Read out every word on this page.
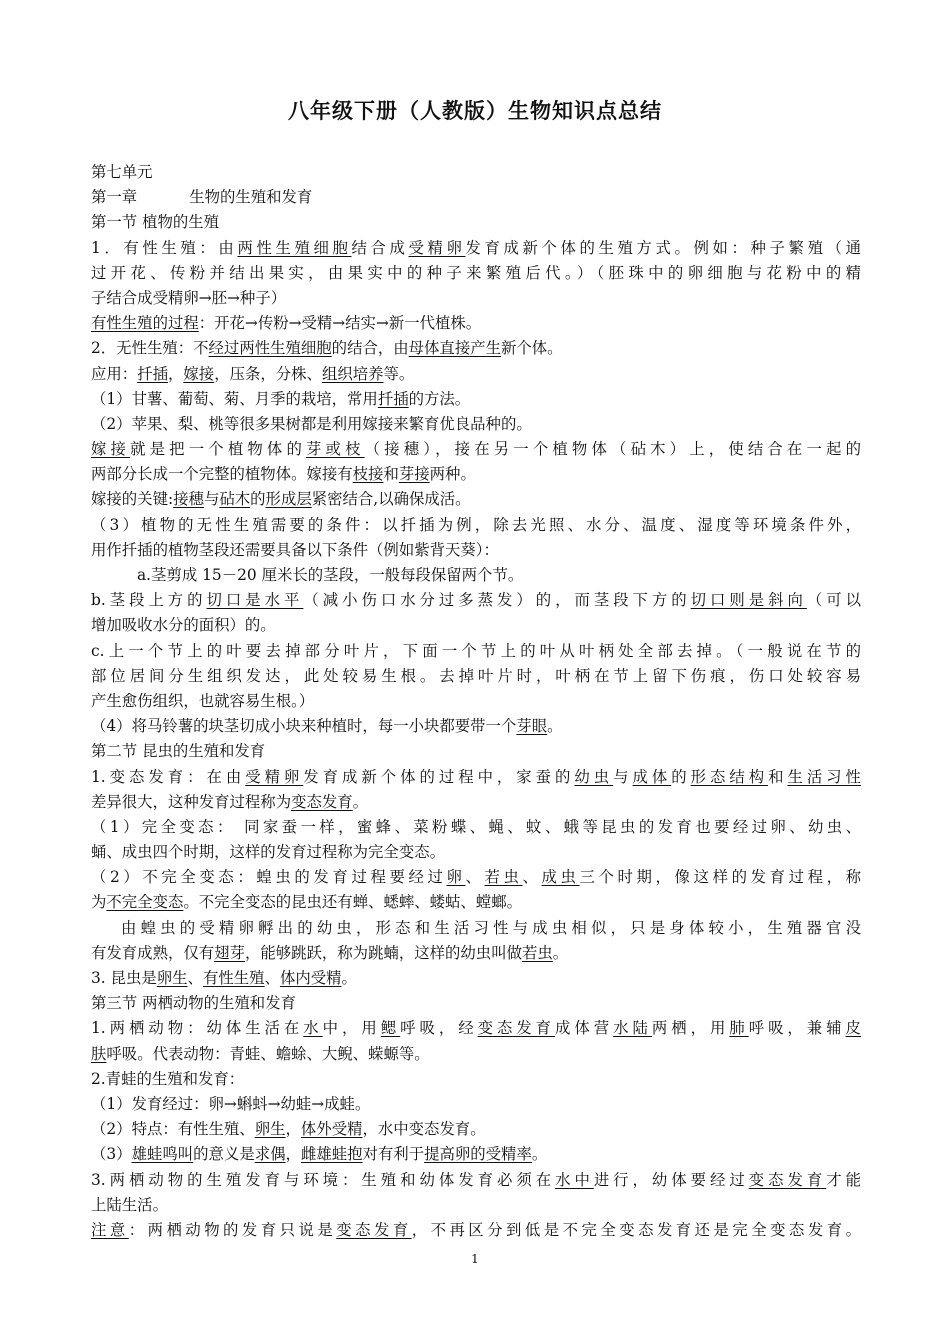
八年级下册（人教版）生物知识点总结
第七单元
第一章	生物的生殖和发育
第一节 植物的生殖
1．有性生殖：由两性生殖细胞结合成受精卵发育成新个体的生殖方式。例如：种子繁殖（通
过开花、传粉并结出果实，由果实中的种子来繁殖后代。）（胚珠中的卵细胞与花粉中的精
子结合成受精卵→胚→种子）
有性生殖的过程：开花→传粉→受精→结实→新一代植株。
2．无性生殖：不经过两性生殖细胞的结合，由母体直接产生新个体。
应用：扦插，嫁接，压条，分株、组织培养等。
（1）甘薯、葡萄、菊、月季的栽培，常用扦插的方法。
（2）苹果、梨、桃等很多果树都是利用嫁接来繁育优良品种的。
嫁接就是把一个植物体的芽或枝（接穗），接在另一个植物体（砧木）上，使结合在一起的
两部分长成一个完整的植物体。嫁接有枝接和芽接两种。
嫁接的关键:接穗与砧木的形成层紧密结合,以确保成活。
（3）植物的无性生殖需要的条件：以扦插为例，除去光照、水分、温度、湿度等环境条件外，
用作扦插的植物茎段还需要具备以下条件（例如紫背天葵）：
a.茎剪成 15－20 厘米长的茎段，一般每段保留两个节。
b.茎段上方的切口是水平（减小伤口水分过多蒸发）的，而茎段下方的切口则是斜向（可以
增加吸收水分的面积）的。
c.上一个节上的叶要去掉部分叶片，下面一个节上的叶从叶柄处全部去掉。（一般说在节的
部位居间分生组织发达，此处较易生根。去掉叶片时，叶柄在节上留下伤痕，伤口处较容易
产生愈伤组织，也就容易生根。）
（4）将马铃薯的块茎切成小块来种植时，每一小块都要带一个芽眼。
第二节 昆虫的生殖和发育
1.变态发育：在由受精卵发育成新个体的过程中，家蚕的幼虫与成体的形态结构和生活习性
差异很大，这种发育过程称为变态发育。
（1）完全变态： 同家蚕一样，蜜蜂、菜粉蝶、蝇、蚊、蛾等昆虫的发育也要经过卵、幼虫、
蛹、成虫四个时期，这样的发育过程称为完全变态。
（2）不完全变态：蝗虫的发育过程要经过卵、若虫、成虫三个时期，像这样的发育过程，称
为不完全变态。不完全变态的昆虫还有蝉、蟋蟀、蝼蛄、螳螂。
由蝗虫的受精卵孵出的幼虫，形态和生活习性与成虫相似，只是身体较小，生殖器官没
有发育成熟，仅有翅芽，能够跳跃，称为跳蝻，这样的幼虫叫做若虫。
3. 昆虫是卵生、有性生殖、体内受精。
第三节 两栖动物的生殖和发育
1.两栖动物：幼体生活在水中，用鳃呼吸，经变态发育成体营水陆两栖，用肺呼吸，兼辅皮
肤呼吸。代表动物：青蛙、蟾蜍、大鲵、蝾螈等。
2.青蛙的生殖和发育：
（1）发育经过：卵→蝌蚪→幼蛙→成蛙。
（2）特点：有性生殖、卵生，体外受精，水中变态发育。
（3）雄蛙鸣叫的意义是求偶，雌雄蛙抱对有利于提高卵的受精率。
3.两栖动物的生殖发育与环境：生殖和幼体发育必须在水中进行，幼体要经过变态发育才能
上陆生活。
注意：两栖动物的发育只说是变态发育，不再区分到低是不完全变态发育还是完全变态发育。
1
